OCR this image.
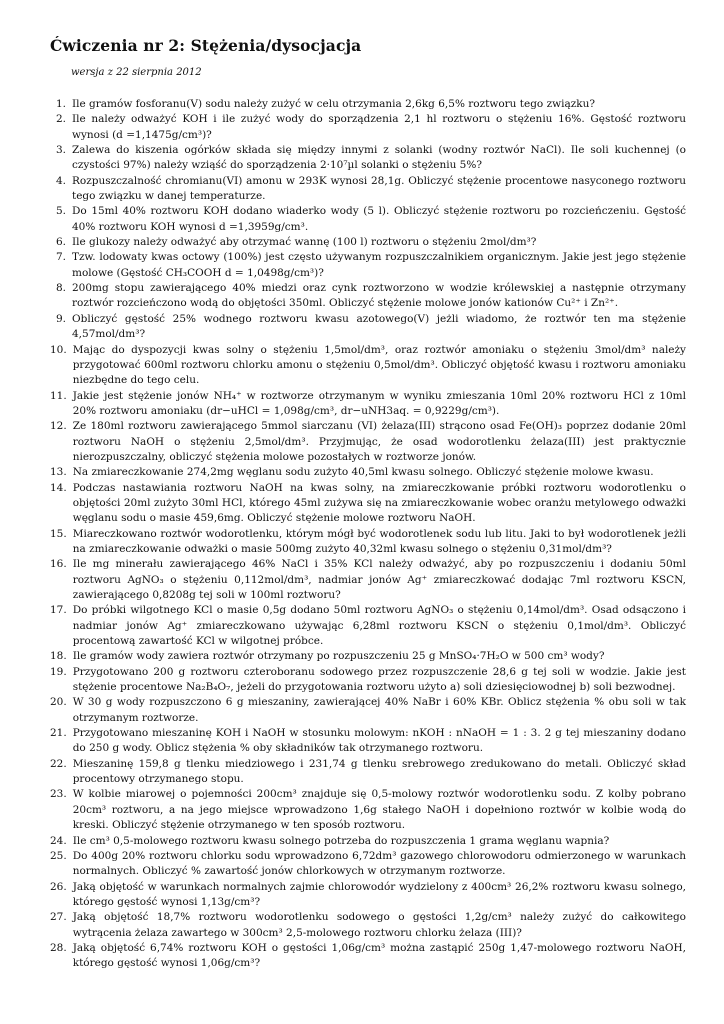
Ćwiczenia nr 2: Stężenia/dysocjacja

wersja z 22 sierpnia 2012

1. Ile gramów fosforanu(V) sodu należy zużyć w celu otrzymania 2,6kg 6,5% roztworu tego związku?
2. Ile należy odważyć KOH i ile zużyć wody do sporządzenia 2,1 hl roztworu o stężeniu 16%. Gęstość roztworu wynosi (d =1,1475g/cm³)?
3. Zalewa do kiszenia ogórków składa się między innymi z solanki (wodny roztwór NaCl). Ile soli kuchennej (o czystości 97%) należy wziąść do sporządzenia 2·10⁷µl solanki o stężeniu 5%?
4. Rozpuszczalność chromianu(VI) amonu w 293K wynosi 28,1g. Obliczyć stężenie procentowe nasyconego roztworu tego związku w danej temperaturze.
5. Do 15ml 40% roztworu KOH dodano wiaderko wody (5 l). Obliczyć stężenie roztworu po rozcieńczeniu. Gęstość 40% roztworu KOH wynosi d =1,3959g/cm³.
6. Ile glukozy należy odważyć aby otrzymać wannę (100 l) roztworu o stężeniu 2mol/dm³?
7. Tzw. lodowaty kwas octowy (100%) jest często używanym rozpuszczalnikiem organicznym. Jakie jest jego stężenie molowe (Gęstość CH₃COOH d = 1,0498g/cm³)?
8. 200mg stopu zawierającego 40% miedzi oraz cynk roztworzono w wodzie królewskiej a następnie otrzymany roztwór rozcieńczono wodą do objętości 350ml. Obliczyć stężenie molowe jonów kationów Cu²⁺ i Zn²⁺.
9. Obliczyć gęstość 25% wodnego roztworu kwasu azotowego(V) jeżli wiadomo, że roztwór ten ma stężenie 4,57mol/dm³?
10. Mając do dyspozycji kwas solny o stężeniu 1,5mol/dm³, oraz roztwór amoniaku o stężeniu 3mol/dm³ należy przygotować 600ml roztworu chlorku amonu o stężeniu 0,5mol/dm³. Obliczyć objętość kwasu i roztworu amoniaku niezbędne do tego celu.
11. Jakie jest stężenie jonów NH₄⁺ w roztworze otrzymanym w wyniku zmieszania 10ml 20% roztworu HCl z 10ml 20% roztworu amoniaku (dr−uHCl = 1,098g/cm³, dr−uNH3aq. = 0,9229g/cm³).
12. Ze 180ml roztworu zawierającego 5mmol siarczanu (VI) żelaza(III) strącono osad Fe(OH)₃ poprzez dodanie 20ml roztworu NaOH o stężeniu 2,5mol/dm³. Przyjmując, że osad wodorotlenku żelaza(III) jest praktycznie nierozpuszczalny, obliczyć stężenia molowe pozostałych w roztworze jonów.
13. Na zmiareczkowanie 274,2mg węglanu sodu zużyto 40,5ml kwasu solnego. Obliczyć stężenie molowe kwasu.
14. Podczas nastawiania roztworu NaOH na kwas solny, na zmiareczkowanie próbki roztworu wodorotlenku o objętości 20ml zużyto 30ml HCl, którego 45ml zużywa się na zmiareczkowanie wobec oranżu metylowego odważki węglanu sodu o masie 459,6mg. Obliczyć stężenie molowe roztworu NaOH.
15. Miareczkowano roztwór wodorotlenku, którym mógł być wodorotlenek sodu lub litu. Jaki to był wodorotlenek jeżli na zmiareczkowanie odważki o masie 500mg zużyto 40,32ml kwasu solnego o stężeniu 0,31mol/dm³?
16. Ile mg minerału zawierającego 46% NaCl i 35% KCl należy odważyć, aby po rozpuszczeniu i dodaniu 50ml roztworu AgNO₃ o stężeniu 0,112mol/dm³, nadmiar jonów Ag⁺ zmiareczkować dodając 7ml roztworu KSCN, zawierającego 0,8208g tej soli w 100ml roztworu?
17. Do próbki wilgotnego KCl o masie 0,5g dodano 50ml roztworu AgNO₃ o stężeniu 0,14mol/dm³. Osad odsączono i nadmiar jonów Ag⁺ zmiareczkowano używając 6,28ml roztworu KSCN o stężeniu 0,1mol/dm³. Obliczyć procentową zawartość KCl w wilgotnej próbce.
18. Ile gramów wody zawiera roztwór otrzymany po rozpuszczeniu 25 g MnSO₄·7H₂O w 500 cm³ wody?
19. Przygotowano 200 g roztworu czteroboranu sodowego przez rozpuszczenie 28,6 g tej soli w wodzie. Jakie jest stężenie procentowe Na₂B₄O₇, jeżeli do przygotowania roztworu użyto a) soli dziesięciowodnej b) soli bezwodnej.
20. W 30 g wody rozpuszczono 6 g mieszaniny, zawierającej 40% NaBr i 60% KBr. Oblicz stężenia % obu soli w tak otrzymanym roztworze.
21. Przygotowano mieszaninę KOH i NaOH w stosunku molowym: nKOH : nNaOH = 1 : 3. 2 g tej mieszaniny dodano do 250 g wody. Oblicz stężenia % oby składników tak otrzymanego roztworu.
22. Mieszaninę 159,8 g tlenku miedziowego i 231,74 g tlenku srebrowego zredukowano do metali. Obliczyć skład procentowy otrzymanego stopu.
23. W kolbie miarowej o pojemności 200cm³ znajduje się 0,5-molowy roztwór wodorotlenku sodu. Z kolby pobrano 20cm³ roztworu, a na jego miejsce wprowadzono 1,6g stałego NaOH i dopełniono roztwór w kolbie wodą do kreski. Obliczyć stężenie otrzymanego w ten sposób roztworu.
24. Ile cm³ 0,5-molowego roztworu kwasu solnego potrzeba do rozpuszczenia 1 grama węglanu wapnia?
25. Do 400g 20% roztworu chlorku sodu wprowadzono 6,72dm³ gazowego chlorowodoru odmierzonego w warunkach normalnych. Obliczyć % zawartość jonów chlorkowych w otrzymanym roztworze.
26. Jaką objętość w warunkach normalnych zajmie chlorowodór wydzielony z 400cm³ 26,2% roztworu kwasu solnego, którego gęstość wynosi 1,13g/cm³?
27. Jaką objętość 18,7% roztworu wodorotlenku sodowego o gęstości 1,2g/cm³ należy zużyć do całkowitego wytrącenia żelaza zawartego w 300cm³ 2,5-molowego roztworu chlorku żelaza (III)?
28. Jaką objętość 6,74% roztworu KOH o gęstości 1,06g/cm³ można zastąpić 250g 1,47-molowego roztworu NaOH, którego gęstość wynosi 1,06g/cm³?
